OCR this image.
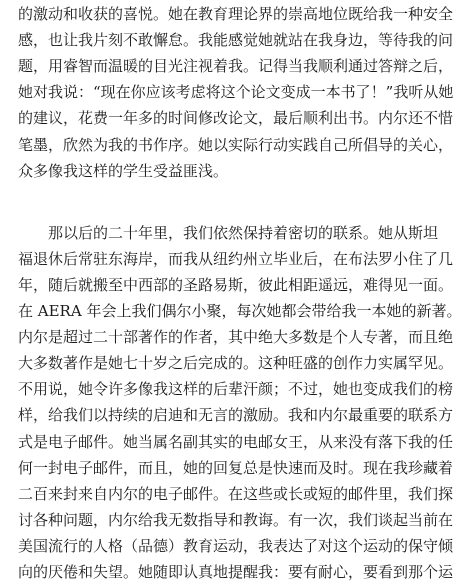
的激动和收获的喜悦。她在教育理论界的崇高地位既给我一种安全
感，也让我片刻不敢懈怠。我能感觉她就站在我身边，等待我的问
题，用睿智而温暖的目光注视着我。记得当我顺利通过答辩之后，
她对我说：“现在你应该考虑将这个论文变成一本书了！”我听从她
的建议，花费一年多的时间修改论文，最后顺利出书。内尔还不惜
笔墨，欣然为我的书作序。她以实际行动实践自己所倡导的关心，
众多像我这样的学生受益匪浅。
那以后的二十年里，我们依然保持着密切的联系。她从斯坦
福退休后常驻东海岸，而我从纽约州立毕业后，在布法罗小住了几
年，随后就搬至中西部的圣路易斯，彼此相距遥远，难得见一面。
在 AERA 年会上我们偶尔小聚，每次她都会带给我一本她的新著。
内尔是超过二十部著作的作者，其中绝大多数是个人专著，而且绝
大多数著作是她七十岁之后完成的。这种旺盛的创作力实属罕见。
不用说，她令许多像我这样的后辈汗颜；不过，她也变成我们的榜
样，给我们以持续的启迪和无言的激励。我和内尔最重要的联系方
式是电子邮件。她当属名副其实的电邮女王，从来没有落下我的任
何一封电子邮件，而且，她的回复总是快速而及时。现在我珍藏着
二百来封来自内尔的电子邮件。在这些或长或短的邮件里，我们探
讨各种问题，内尔给我无数指导和教诲。有一次，我们谈起当前在
美国流行的人格（品德）教育运动，我表达了对这个运动的保守倾
向的厌倦和失望。她随即认真地提醒我：要有耐心，要看到那个运
